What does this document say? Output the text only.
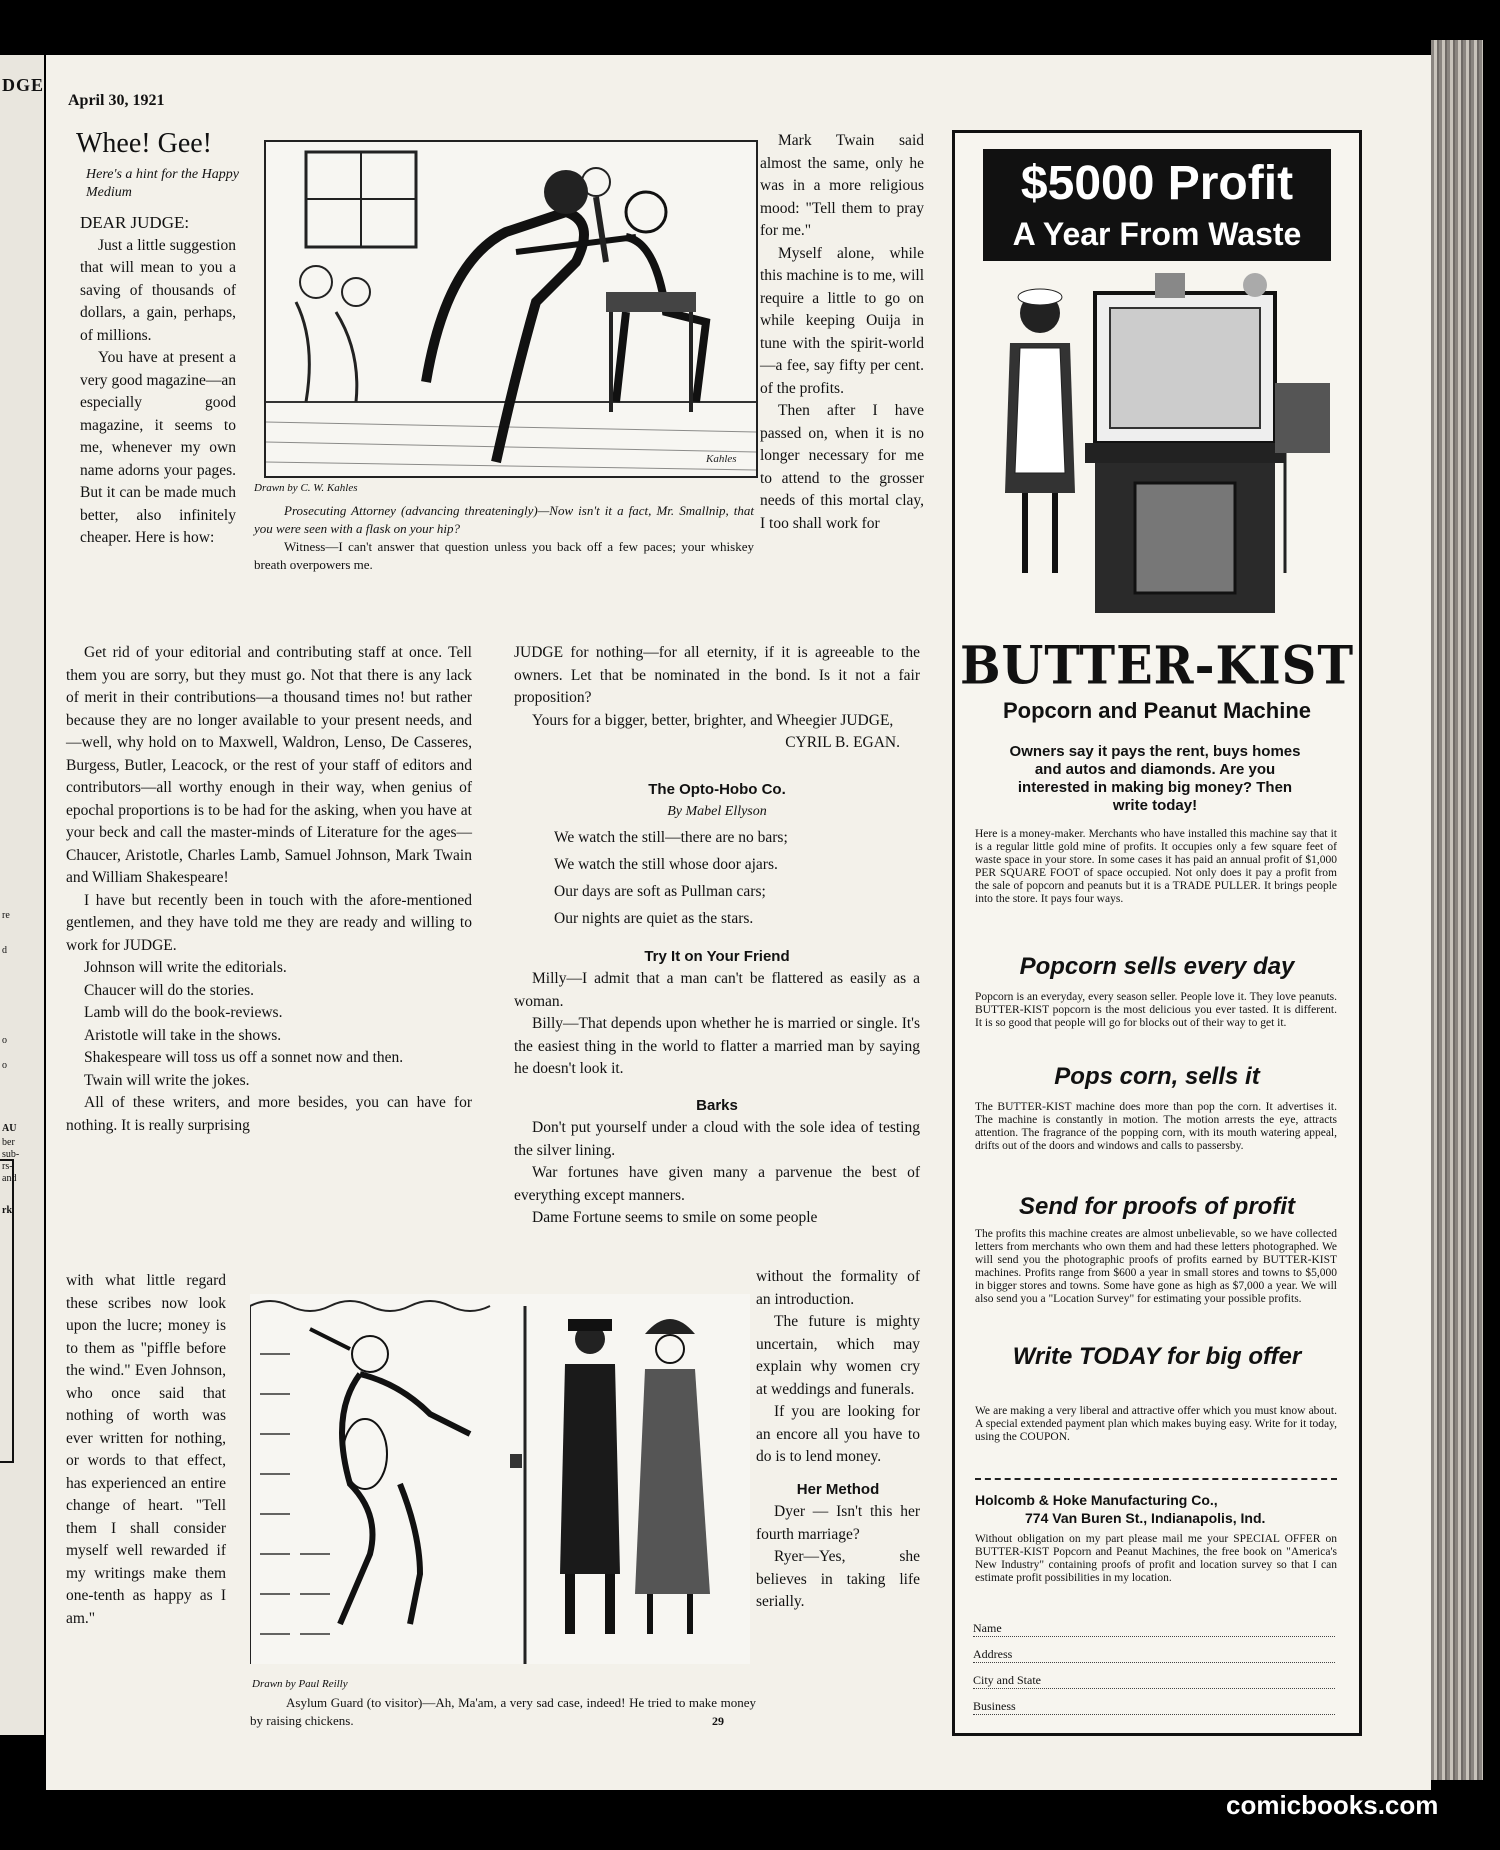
DGE
re
d
o
o
AU
ber
sub-
rs-
and
rk
April 30, 1921
Whee! Gee!
Here's a hint for the Happy Medium

DEAR JUDGE:

Just a little suggestion that will mean to you a saving of thousands of dollars, a gain, perhaps, of millions.

You have at present a very good magazine—an especially good magazine, it seems to me, whenever my own name adorns your pages. But it can be made much better, also infinitely cheaper. Here is how:

Kahles
Drawn by C. W. Kahles
Prosecuting Attorney (advancing threateningly)—Now isn't it a fact, Mr. Smallnip, that you were seen with a flask on your hip?
Witness—I can't answer that question unless you back off a few paces; your whiskey breath overpowers me.

Mark Twain said almost the same, only he was in a more religious mood: "Tell them to pray for me."

Myself alone, while this machine is to me, will require a little to go on while keeping Ouija in tune with the spirit-world—a fee, say fifty per cent. of the profits.

Then after I have passed on, when it is no longer necessary for me to attend to the grosser needs of this mortal clay, I too shall work for

Get rid of your editorial and contributing staff at once. Tell them you are sorry, but they must go. Not that there is any lack of merit in their contributions—a thousand times no! but rather because they are no longer available to your present needs, and—well, why hold on to Maxwell, Waldron, Lenso, De Casseres, Burgess, Butler, Leacock, or the rest of your staff of editors and contributors—all worthy enough in their way, when genius of epochal proportions is to be had for the asking, when you have at your beck and call the master-minds of Literature for the ages—Chaucer, Aristotle, Charles Lamb, Samuel Johnson, Mark Twain and William Shakespeare!

I have but recently been in touch with the afore-mentioned gentlemen, and they have told me they are ready and willing to work for JUDGE.

Johnson will write the editorials.

Chaucer will do the stories.

Lamb will do the book-reviews.

Aristotle will take in the shows.

Shakespeare will toss us off a sonnet now and then.

Twain will write the jokes.

All of these writers, and more besides, you can have for nothing. It is really surprising

with what little regard these scribes now look upon the lucre; money is to them as "piffle before the wind." Even Johnson, who once said that nothing of worth was ever written for nothing, or words to that effect, has experienced an entire change of heart. "Tell them I shall consider myself well rewarded if my writings make them one-tenth as happy as I am."

JUDGE for nothing—for all eternity, if it is agreeable to the owners. Let that be nominated in the bond. Is it not a fair proposition?

Yours for a bigger, better, brighter, and Wheegier JUDGE,

CYRIL B. EGAN.

The Opto-Hobo Co.
By Mabel Ellyson
We watch the still—there are no bars;
We watch the still whose door ajars.
Our days are soft as Pullman cars;
Our nights are quiet as the stars.
Try It on Your Friend

Milly—I admit that a man can't be flattered as easily as a woman.

Billy—That depends upon whether he is married or single. It's the easiest thing in the world to flatter a married man by saying he doesn't look it.

Barks

Don't put yourself under a cloud with the sole idea of testing the silver lining.

War fortunes have given many a parvenue the best of everything except manners.

Dame Fortune seems to smile on some people

without the formality of an introduction.

The future is mighty uncertain, which may explain why women cry at weddings and funerals.

If you are looking for an encore all you have to do is to lend money.

Her Method

Dyer — Isn't this her fourth marriage?

Ryer—Yes, she believes in taking life serially.

Drawn by Paul Reilly
Asylum Guard (to visitor)—Ah, Ma'am, a very sad case, indeed! He tried to make money by raising chickens.	29
$5000 Profit
A Year From Waste
BUTTER-KIST
Popcorn and Peanut Machine
Owners say it pays the rent, buys homes and autos and diamonds. Are you interested in making big money? Then write today!
Here is a money-maker. Merchants who have installed this machine say that it is a regular little gold mine of profits. It occupies only a few square feet of waste space in your store. In some cases it has paid an annual profit of $1,000 PER SQUARE FOOT of space occupied. Not only does it pay a profit from the sale of popcorn and peanuts but it is a TRADE PULLER. It brings people into the store. It pays four ways.
Popcorn sells every day
Popcorn is an everyday, every season seller. People love it. They love peanuts. BUTTER-KIST popcorn is the most delicious you ever tasted. It is different. It is so good that people will go for blocks out of their way to get it.
Pops corn, sells it
The BUTTER-KIST machine does more than pop the corn. It advertises it. The machine is constantly in motion. The motion arrests the eye, attracts attention. The fragrance of the popping corn, with its mouth watering appeal, drifts out of the doors and windows and calls to passersby.
Send for proofs of profit
The profits this machine creates are almost unbelievable, so we have collected letters from merchants who own them and had these letters photographed. We will send you the photographic proofs of profits earned by BUTTER-KIST machines. Profits range from $600 a year in small stores and towns to $5,000 in bigger stores and towns. Some have gone as high as $7,000 a year. We will also send you a "Location Survey" for estimating your possible profits.
Write TODAY for big offer
We are making a very liberal and attractive offer which you must know about. A special extended payment plan which makes buying easy. Write for it today, using the COUPON.
Holcomb & Hoke Manufacturing Co.,
774 Van Buren St., Indianapolis, Ind.
Without obligation on my part please mail me your SPECIAL OFFER on BUTTER-KIST Popcorn and Peanut Machines, the free book on "America's New Industry" containing proofs of profit and location survey so that I can estimate profit possibilities in my location.
Name
Address
City and State
Business
comicbooks.com
